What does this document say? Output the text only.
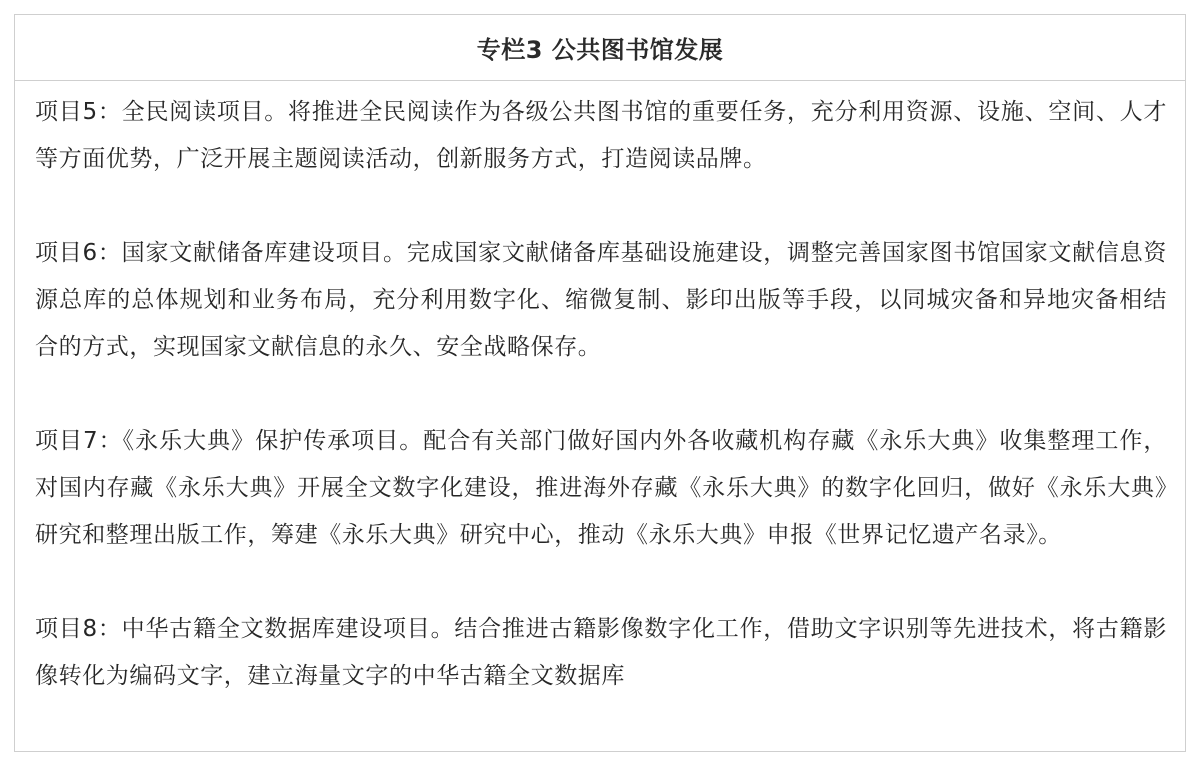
专栏3 公共图书馆发展

项目5：全民阅读项目。将推进全民阅读作为各级公共图书馆的重要任务，充分利用资源、设施、空间、人才等方面优势，广泛开展主题阅读活动，创新服务方式，打造阅读品牌。

项目6：国家文献储备库建设项目。完成国家文献储备库基础设施建设，调整完善国家图书馆国家文献信息资源总库的总体规划和业务布局，充分利用数字化、缩微复制、影印出版等手段，以同城灾备和异地灾备相结合的方式，实现国家文献信息的永久、安全战略保存。

项目7：《永乐大典》保护传承项目。配合有关部门做好国内外各收藏机构存藏《永乐大典》收集整理工作，对国内存藏《永乐大典》开展全文数字化建设，推进海外存藏《永乐大典》的数字化回归，做好《永乐大典》研究和整理出版工作，筹建《永乐大典》研究中心，推动《永乐大典》申报《世界记忆遗产名录》。

项目8：中华古籍全文数据库建设项目。结合推进古籍影像数字化工作，借助文字识别等先进技术，将古籍影像转化为编码文字，建立海量文字的中华古籍全文数据库
